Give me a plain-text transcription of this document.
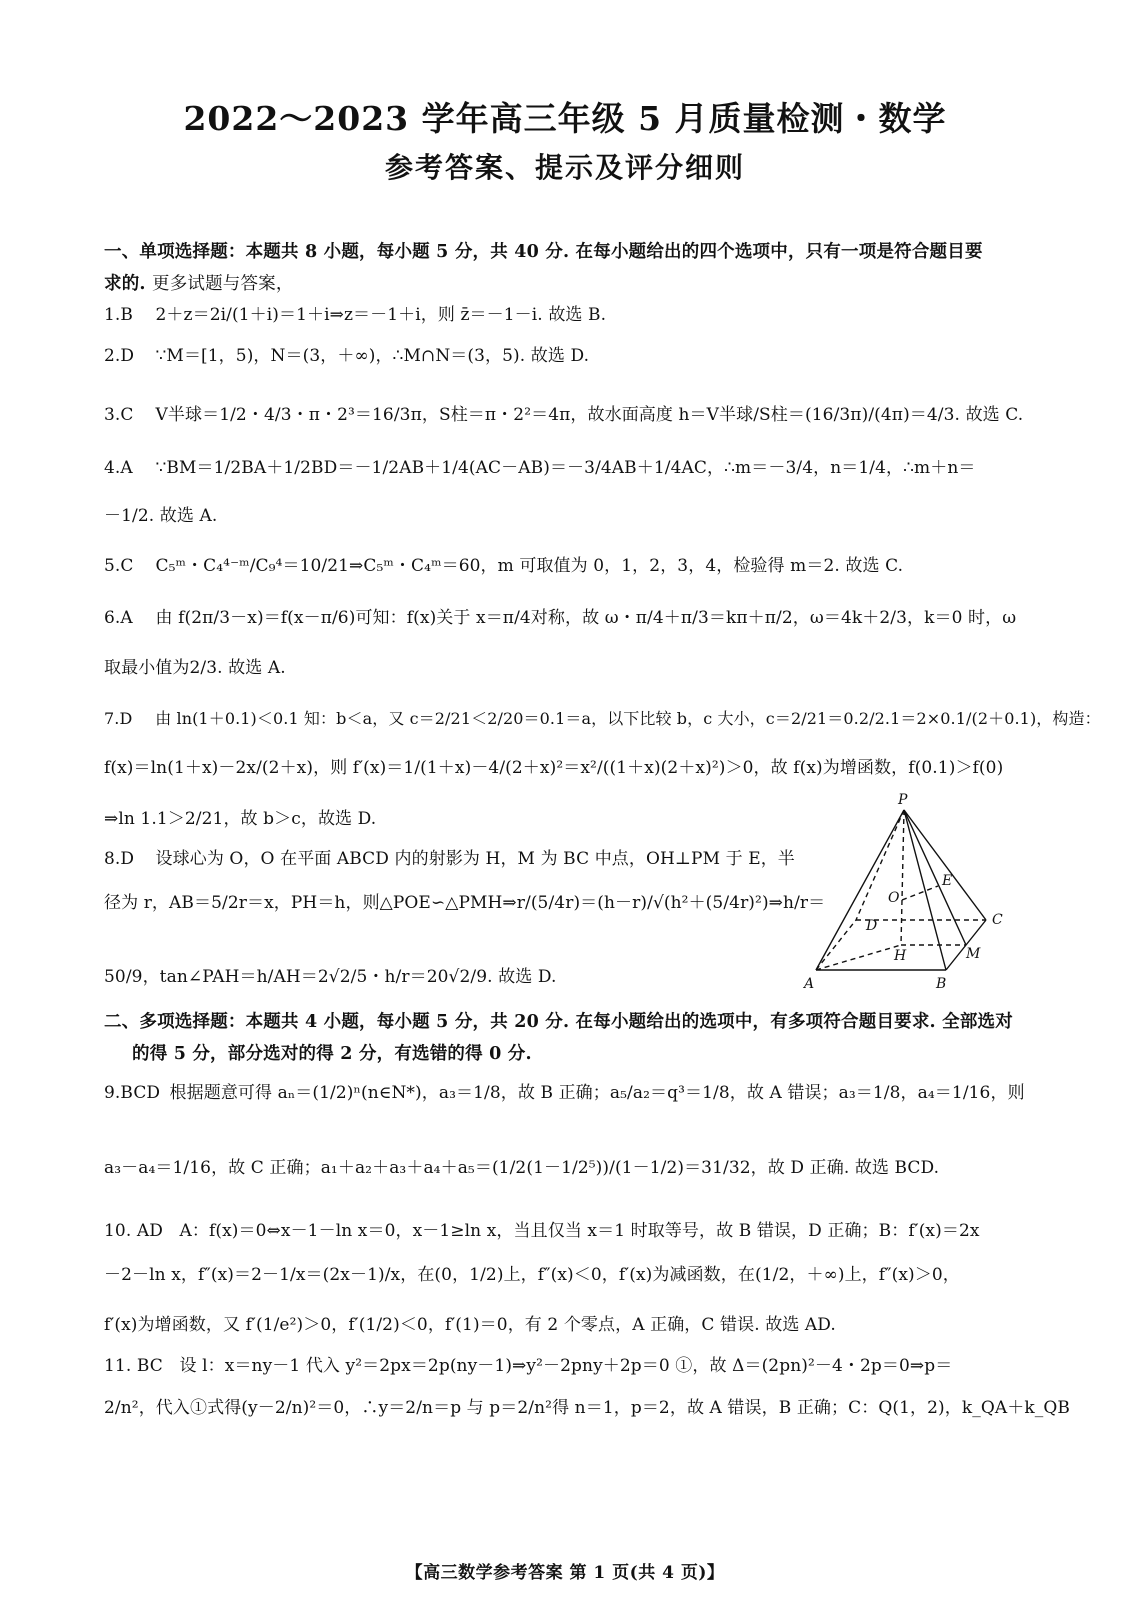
2022～2023 学年高三年级 5 月质量检测・数学
参考答案、提示及评分细则
一、单项选择题：本题共 8 小题，每小题 5 分，共 40 分. 在每小题给出的四个选项中，只有一项是符合题目要
求的. 更多试题与答案，
1.B 2＋z＝2i/(1＋i)＝1＋i⇒z＝－1＋i，则 z̄＝－1－i. 故选 B.
2.D ∵M＝[1，5)，N＝(3，＋∞)，∴M∩N＝(3，5). 故选 D.
3.C V半球＝1/2・4/3・π・2³＝16/3π，S柱＝π・2²＝4π，故水面高度 h＝V半球/S柱＝(16/3π)/(4π)＝4/3. 故选 C.
4.A ∵BM＝1/2BA＋1/2BD＝－1/2AB＋1/4(AC－AB)＝－3/4AB＋1/4AC，∴m＝－3/4，n＝1/4，∴m＋n＝
－1/2. 故选 A.
5.C C₅ᵐ・C₄⁴⁻ᵐ/C₉⁴＝10/21⇒C₅ᵐ・C₄ᵐ＝60，m 可取值为 0，1，2，3，4，检验得 m＝2. 故选 C.
6.A 由 f(2π/3－x)＝f(x－π/6)可知：f(x)关于 x＝π/4对称，故 ω・π/4＋π/3＝kπ＋π/2，ω＝4k＋2/3，k＝0 时，ω
取最小值为2/3. 故选 A.
7.D 由 ln(1＋0.1)＜0.1 知：b＜a，又 c＝2/21＜2/20＝0.1＝a，以下比较 b，c 大小，c＝2/21＝0.2/2.1＝2×0.1/(2＋0.1)，构造：
f(x)＝ln(1＋x)－2x/(2＋x)，则 f′(x)＝1/(1＋x)－4/(2＋x)²＝x²/((1＋x)(2＋x)²)＞0，故 f(x)为增函数，f(0.1)＞f(0)
⇒ln 1.1＞2/21，故 b＞c，故选 D.
8.D 设球心为 O，O 在平面 ABCD 内的射影为 H，M 为 BC 中点，OH⊥PM 于 E，半
径为 r，AB＝5/2r＝x，PH＝h，则△POE∽△PMH⇒r/(5/4r)＝(h－r)/√(h²＋(5/4r)²)⇒h/r＝
50/9，tan∠PAH＝h/AH＝2√2/5・h/r＝20√2/9. 故选 D.
P
E
O
C
D
H	M
A	B
二、多项选择题：本题共 4 小题，每小题 5 分，共 20 分. 在每小题给出的选项中，有多项符合题目要求. 全部选对
的得 5 分，部分选对的得 2 分，有选错的得 0 分.
9.BCD 根据题意可得 aₙ＝(1/2)ⁿ(n∈N*)，a₃＝1/8，故 B 正确；a₅/a₂＝q³＝1/8，故 A 错误；a₃＝1/8，a₄＝1/16，则
a₃－a₄＝1/16，故 C 正确；a₁＋a₂＋a₃＋a₄＋a₅＝(1/2(1－1/2⁵))/(1－1/2)＝31/32，故 D 正确. 故选 BCD.
10. AD A：f(x)＝0⇔x－1－ln x＝0，x－1≥ln x，当且仅当 x＝1 时取等号，故 B 错误，D 正确；B：f′(x)＝2x
－2－ln x，f″(x)＝2－1/x＝(2x－1)/x，在(0，1/2)上，f″(x)＜0，f′(x)为减函数，在(1/2，＋∞)上，f″(x)＞0，
f′(x)为增函数，又 f′(1/e²)＞0，f′(1/2)＜0，f′(1)＝0，有 2 个零点，A 正确，C 错误. 故选 AD.
11. BC 设 l：x＝ny－1 代入 y²＝2px＝2p(ny－1)⇒y²－2pny＋2p＝0 ①，故 Δ＝(2pn)²－4・2p＝0⇒p＝
2/n²，代入①式得(y－2/n)²＝0，∴y＝2/n＝p 与 p＝2/n²得 n＝1，p＝2，故 A 错误，B 正确；C：Q(1，2)，k_QA＋k_QB
【高三数学参考答案 第 1 页(共 4 页)】
